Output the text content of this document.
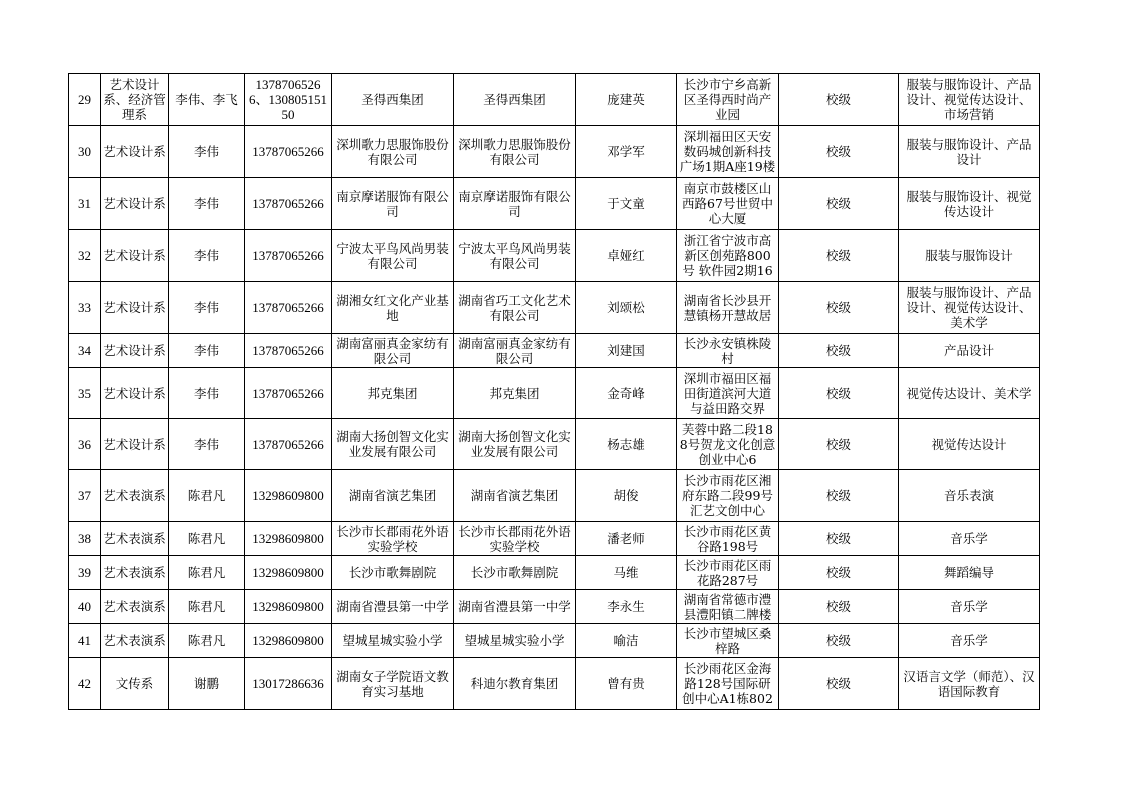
29	艺术设计系、经济管理系	李伟、李飞	13787065266、13080515150	圣得西集团	圣得西集团	庞建英	长沙市宁乡高新区圣得西时尚产业园	校级	服装与服饰设计、产品设计、视觉传达设计、市场营销
30	艺术设计系	李伟	13787065266	深圳歌力思服饰股份有限公司	深圳歌力思服饰股份有限公司	邓学军	深圳福田区天安数码城创新科技广场1期A座19楼	校级	服装与服饰设计、产品设计
31	艺术设计系	李伟	13787065266	南京摩诺服饰有限公司	南京摩诺服饰有限公司	于文童	南京市鼓楼区山西路67号世贸中心大厦	校级	服装与服饰设计、视觉传达设计
32	艺术设计系	李伟	13787065266	宁波太平鸟风尚男装有限公司	宁波太平鸟风尚男装有限公司	卓娅红	浙江省宁波市高新区创苑路800号 软件园2期16	校级	服装与服饰设计
33	艺术设计系	李伟	13787065266	湖湘女红文化产业基地	湖南省巧工文化艺术有限公司	刘颂松	湖南省长沙县开慧镇杨开慧故居	校级	服装与服饰设计、产品设计、视觉传达设计、美术学
34	艺术设计系	李伟	13787065266	湖南富丽真金家纺有限公司	湖南富丽真金家纺有限公司	刘建国	长沙永安镇株陵村	校级	产品设计
35	艺术设计系	李伟	13787065266	邦克集团	邦克集团	金奇峰	深圳市福田区福田街道滨河大道与益田路交界	校级	视觉传达设计、美术学
36	艺术设计系	李伟	13787065266	湖南大扬创智文化实业发展有限公司	湖南大扬创智文化实业发展有限公司	杨志雄	芙蓉中路二段188号贺龙文化创意创业中心6	校级	视觉传达设计
37	艺术表演系	陈君凡	13298609800	湖南省演艺集团	湖南省演艺集团	胡俊	长沙市雨花区湘府东路二段99号汇艺文创中心	校级	音乐表演
38	艺术表演系	陈君凡	13298609800	长沙市长郡雨花外语实验学校	长沙市长郡雨花外语实验学校	潘老师	长沙市雨花区黄谷路198号	校级	音乐学
39	艺术表演系	陈君凡	13298609800	长沙市歌舞剧院	长沙市歌舞剧院	马维	长沙市雨花区雨花路287号	校级	舞蹈编导
40	艺术表演系	陈君凡	13298609800	湖南省澧县第一中学	湖南省澧县第一中学	李永生	湖南省常德市澧县澧阳镇二牌楼	校级	音乐学
41	艺术表演系	陈君凡	13298609800	望城星城实验小学	望城星城实验小学	喻洁	长沙市望城区桑梓路	校级	音乐学
42	文传系	谢鹏	13017286636	湖南女子学院语文教育实习基地	科迪尔教育集团	曾有贵	长沙雨花区金海路128号国际研创中心A1栋802	校级	汉语言文学（师范）、汉语国际教育
